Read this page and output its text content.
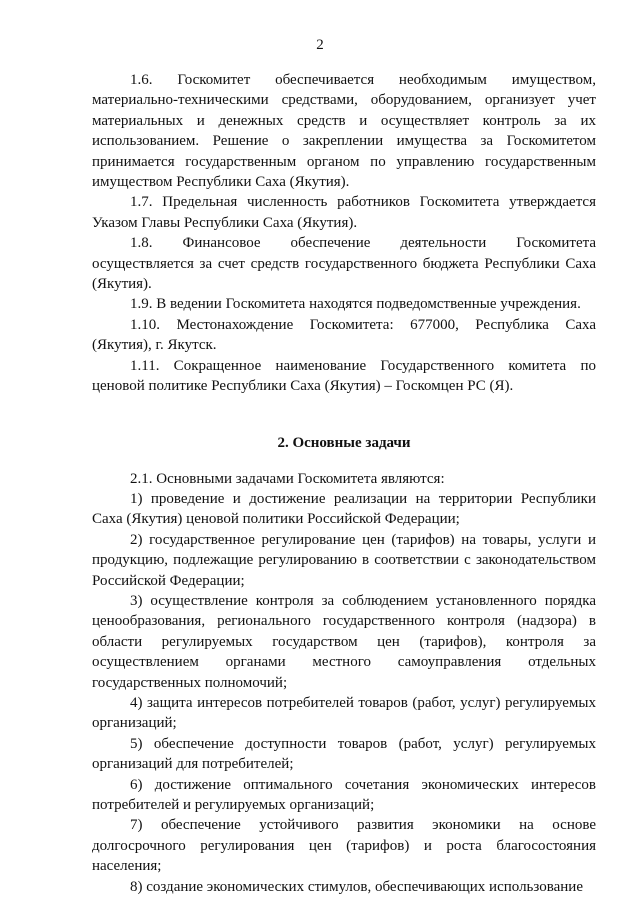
2

1.6. Госкомитет обеспечивается необходимым имуществом, материально-техническими средствами, оборудованием, организует учет материальных и денежных средств и осуществляет контроль за их использованием. Решение о закреплении имущества за Госкомитетом принимается государственным органом по управлению государственным имуществом Республики Саха (Якутия).

1.7. Предельная численность работников Госкомитета утверждается Указом Главы Республики Саха (Якутия).

1.8. Финансовое обеспечение деятельности Госкомитета осуществляется за счет средств государственного бюджета Республики Саха (Якутия).

1.9. В ведении Госкомитета находятся подведомственные учреждения.

1.10. Местонахождение Госкомитета: 677000, Республика Саха (Якутия), г. Якутск.

1.11. Сокращенное наименование Государственного комитета по ценовой политике Республики Саха (Якутия) – Госкомцен РС (Я).

2. Основные задачи

2.1. Основными задачами Госкомитета являются:

1) проведение и достижение реализации на территории Республики Саха (Якутия) ценовой политики Российской Федерации;

2) государственное регулирование цен (тарифов) на товары, услуги и продукцию, подлежащие регулированию в соответствии с законодательством Российской Федерации;

3) осуществление контроля за соблюдением установленного порядка ценообразования, регионального государственного контроля (надзора) в области регулируемых государством цен (тарифов), контроля за осуществлением органами местного самоуправления отдельных государственных полномочий;

4) защита интересов потребителей товаров (работ, услуг) регулируемых организаций;

5) обеспечение доступности товаров (работ, услуг) регулируемых организаций для потребителей;

6) достижение оптимального сочетания экономических интересов потребителей и регулируемых организаций;

7) обеспечение устойчивого развития экономики на основе долгосрочного регулирования цен (тарифов) и роста благосостояния населения;

8) создание экономических стимулов, обеспечивающих использование
